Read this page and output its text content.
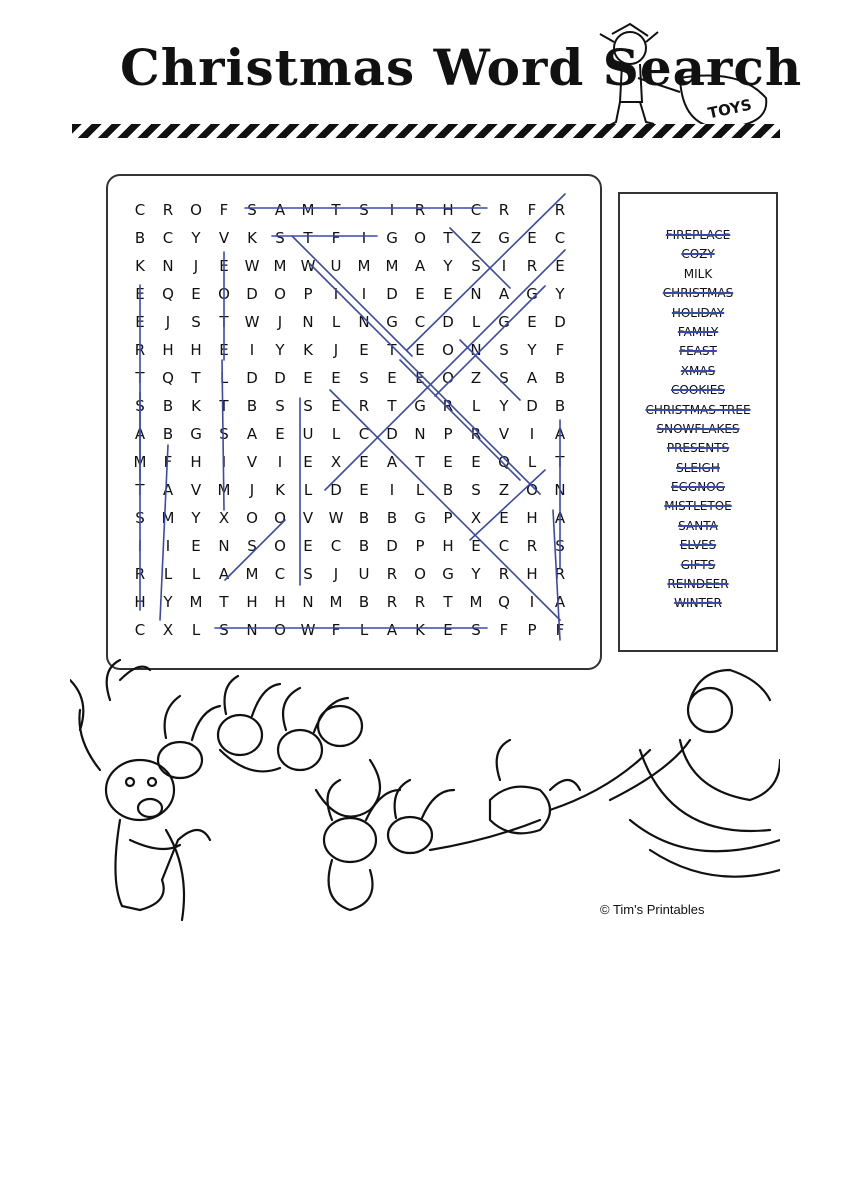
Christmas Word Search
TOYS
C	R	O	F	S	A	M	T	S	I	R	H	C	R	F	R
B	C	Y	V	K	S	T	F	I	G	O	T	Z	G	E	C
K	N	J	E	W M W	U	M	M	A	Y	S	I	R	E
E	Q	E	O	D	O	P	I	I	D	E	E	N	A	G	Y
E	J	S	T	W	J	N	L	N	G	C	D	L	G	E	D
R	H	H	E	I	Y	K	J	E	T	E	O	N	S	Y	F
T	Q	T	L	D	D	E	E	S	E	E	O	Z	S	A	B
S	B	K	T	B	S	S	E	R	T	G	R	L	Y	D	B
A	B	G	S	A	E	U	L	C	D	N	P	R	V	I	A
M	F	H	I	V	I	E	X	E	A	T	E	E	Q	L	T
T	A	V	M	J	K	L	D	E	I	L	B	S	Z	O	N
S	M	Y	X	O	O	V	W	B	B	G	P	X	E	H	A
I	I	E	N	S	O	E	C	B	D	P	H	E	C	R	S
R	L	L	A	M	C	S	J	U	R	O	G	Y	R	H	R
H	Y	M	T	H	H	N	M	B	R	R	T	M	Q	I	A
C	X	L	S	N	O W	F	L	A	K	E	S	F	P	F
FIREPLACE
COZY
MILK
CHRISTMAS
HOLIDAY
FAMILY
FEAST
XMAS
COOKIES
CHRISTMAS TREE
SNOWFLAKES
PRESENTS
SLEIGH
EGGNOG
MISTLETOE
SANTA
ELVES
GIFTS
REINDEER
WINTER
© Tim's Printables
